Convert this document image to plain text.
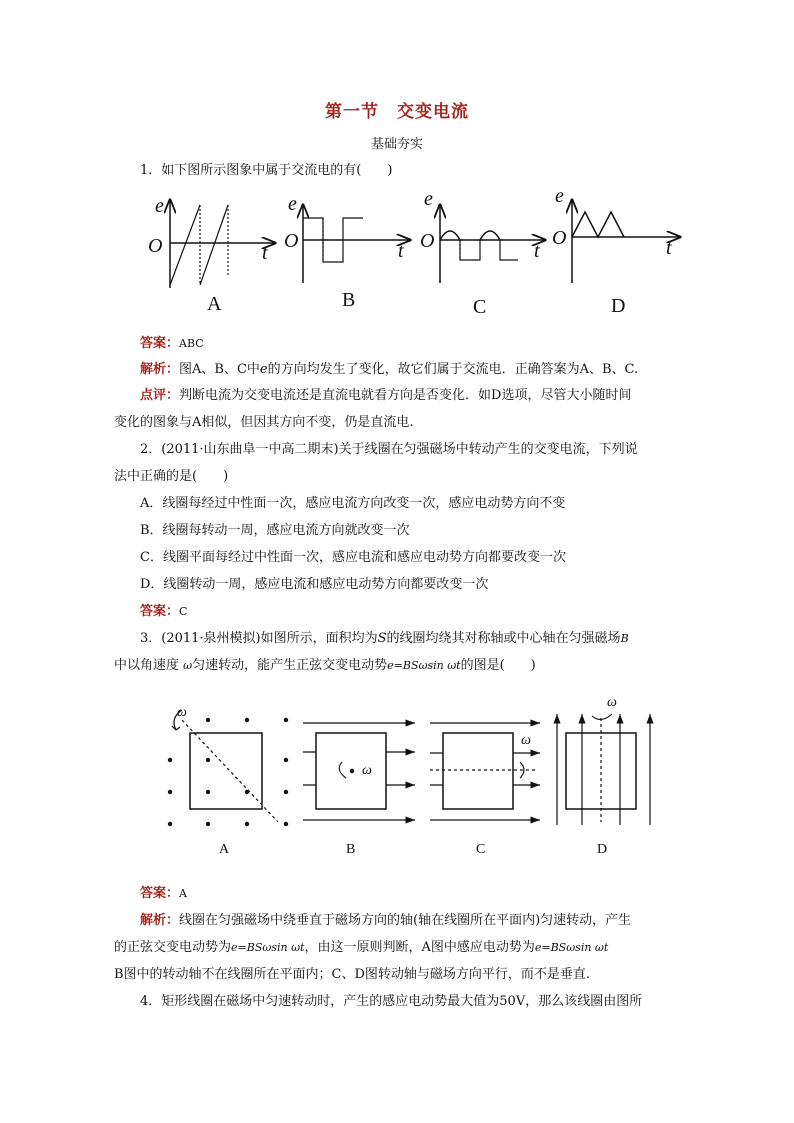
第一节　交变电流
基础夯实
1．如下图所示图象中属于交流电的有(　　)
e
O	t
A
e
O	t
B
e
O	t
C
e
O	t
D
答案：ABC
解析：图A、B、C中e的方向均发生了变化，故它们属于交流电．正确答案为A、B、C.
点评：判断电流为交变电流还是直流电就看方向是否变化．如D选项，尽管大小随时间
变化的图象与A相似，但因其方向不变，仍是直流电.
2．(2011·山东曲阜一中高二期末)关于线圈在匀强磁场中转动产生的交变电流，下列说
法中正确的是(　　)
A．线圈每经过中性面一次，感应电流方向改变一次，感应电动势方向不变
B．线圈每转动一周，感应电流方向就改变一次
C．线圈平面每经过中性面一次，感应电流和感应电动势方向都要改变一次
D．线圈转动一周，感应电流和感应电动势方向都要改变一次
答案：C
3．(2011·泉州模拟)如图所示，面积均为S的线圈均绕其对称轴或中心轴在匀强磁场B
中以角速度 ω匀速转动，能产生正弦交变电动势e=BSωsin ωt的图是(　　)
ω
ω
ω
ω
A	B	C	D
答案：A
解析：线圈在匀强磁场中绕垂直于磁场方向的轴(轴在线圈所在平面内)匀速转动，产生
的正弦交变电动势为e=BSωsin ωt，由这一原则判断，A图中感应电动势为e=BSωsin ωt
B图中的转动轴不在线圈所在平面内；C、D图转动轴与磁场方向平行，而不是垂直.
4．矩形线圈在磁场中匀速转动时，产生的感应电动势最大值为50V，那么该线圈由图所
